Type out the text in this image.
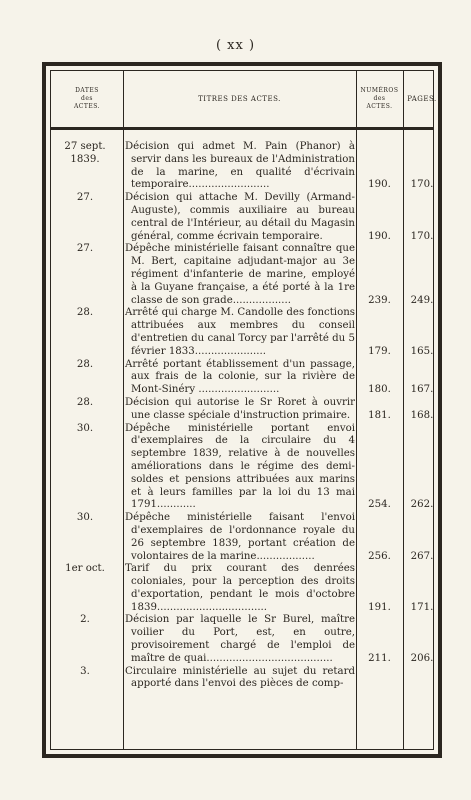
( xx )
DATES
des
ACTES.
TITRES DES ACTES.
NUMÉROS
des
ACTES.
PAGES.
27 sept. 1839.
Décision qui admet M. Pain (Phanor) à servir dans les bureaux de l'Administration de la marine, en qualité d'écrivain temporaire.........................	190.	170.
27.	Décision qui attache M. Devilly (Armand-Auguste), commis auxiliaire au bureau central de l'Intérieur, au détail du Magasin général, comme écrivain temporaire.	190.	170.
27.	Dépêche ministérielle faisant connaître que M. Bert, capitaine adjudant-major au 3e régiment d'infanterie de marine, employé à la Guyane française, a été porté à la 1re classe de son grade..................	239.	249.
28.	Arrêté qui charge M. Candolle des fonctions attribuées aux membres du conseil d'entretien du canal Torcy par l'arrêté du 5 février 1833......................	179.	165.
28.	Arrêté portant établissement d'un passage, aux frais de la colonie, sur la rivière de Mont-Sinéry .........................	180.	167.
28.	Décision qui autorise le Sr Roret à ouvrir une classe spéciale d'instruction primaire.	181.	168.
30.	Dépêche ministérielle portant envoi d'exemplaires de la circulaire du 4 septembre 1839, relative à de nouvelles améliorations dans le régime des demi-soldes et pensions attribuées aux marins et à leurs familles par la loi du 13 mai 1791............	254.	262.
30.	Dépêche ministérielle faisant l'envoi d'exemplaires de l'ordonnance royale du 26 septembre 1839, portant création de volontaires de la marine..................	256.	267.
1er oct.	Tarif du prix courant des denrées coloniales, pour la perception des droits d'exportation, pendant le mois d'octobre 1839..................................	191.	171.
2.	Décision par laquelle le Sr Burel, maître voilier du Port, est, en outre, provisoirement chargé de l'emploi de maître de quai.......................................	211.	206.
3.	Circulaire ministérielle au sujet du retard apporté dans l'envoi des pièces de comp-
